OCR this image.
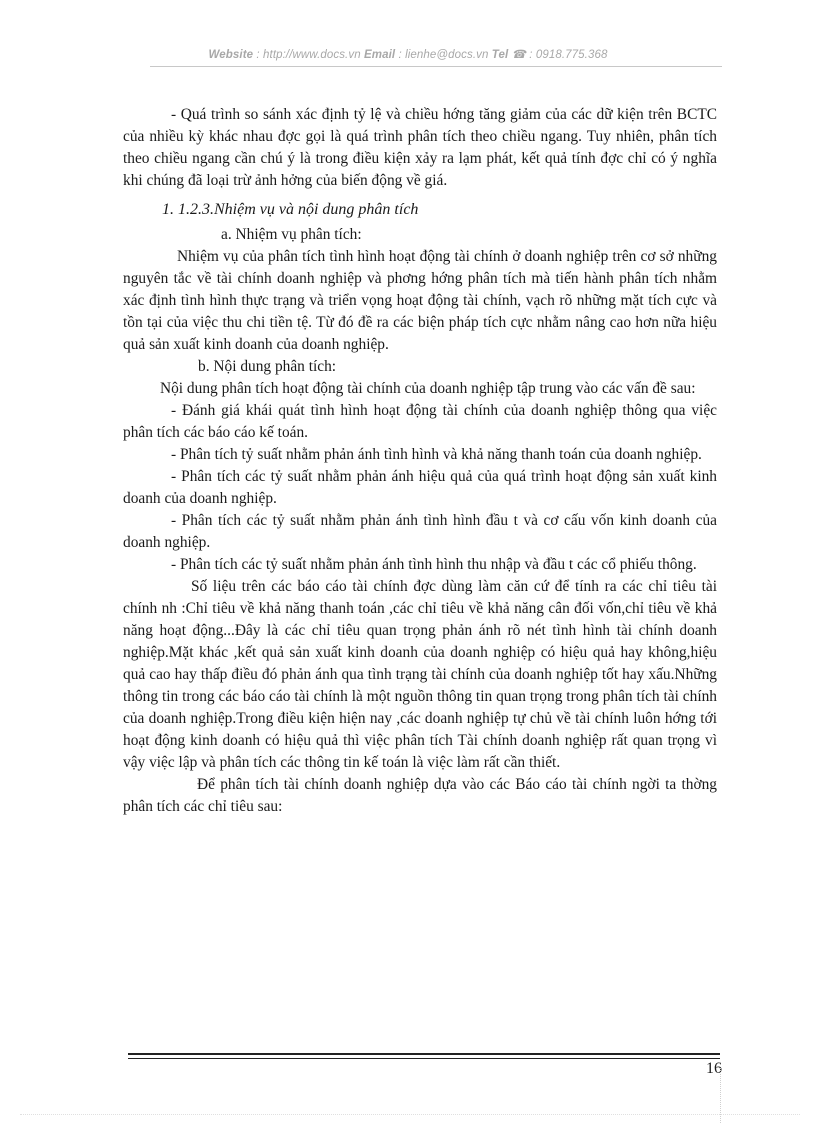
Website : http://www.docs.vn Email : lienhe@docs.vn Tel ☎ : 0918.775.368

- Quá trình so sánh xác định tỷ lệ và chiều hớng tăng giảm của các dữ kiện trên BCTC của nhiều kỳ khác nhau đợc gọi là quá trình phân tích theo chiều ngang. Tuy nhiên, phân tích theo chiều ngang cần chú ý là trong điều kiện xảy ra lạm phát, kết quả tính đợc chỉ có ý nghĩa khi chúng đã loại trừ ảnh hởng của biến động về giá.

1. 1.2.3.Nhiệm vụ và nội dung phân tích

a. Nhiệm vụ phân tích:

Nhiệm vụ của phân tích tình hình hoạt động tài chính ở doanh nghiệp trên cơ sở những nguyên tắc về tài chính doanh nghiệp và phơng hớng phân tích mà tiến hành phân tích nhằm xác định tình hình thực trạng và triển vọng hoạt động tài chính, vạch rõ những mặt tích cực và tồn tại của việc thu chi tiền tệ. Từ đó đề ra các biện pháp tích cực nhằm nâng cao hơn nữa hiệu quả sản xuất kinh doanh của doanh nghiệp.

b. Nội dung phân tích:

Nội dung phân tích hoạt động tài chính của doanh nghiệp tập trung vào các vấn đề sau:

- Đánh giá khái quát tình hình hoạt động tài chính của doanh nghiệp thông qua việc phân tích các báo cáo kế toán.

- Phân tích tỷ suất nhằm phản ánh tình hình và khả năng thanh toán của doanh nghiệp.

- Phân tích các tỷ suất nhằm phản ánh hiệu quả của quá trình hoạt động sản xuất kinh doanh của doanh nghiệp.

- Phân tích các tỷ suất nhằm phản ánh tình hình đầu t và cơ cấu vốn kinh doanh của doanh nghiệp.

- Phân tích các tỷ suất nhằm phản ánh tình hình thu nhập và đầu t các cổ phiếu thông.

Số liệu trên các báo cáo tài chính đợc dùng làm căn cứ để tính ra các chỉ tiêu tài chính nh :Chỉ tiêu về khả năng thanh toán ,các chỉ tiêu về khả năng cân đối vốn,chỉ tiêu về khả năng hoạt động...Đây là các chỉ tiêu quan trọng phản ánh rõ nét tình hình tài chính doanh nghiệp.Mặt khác ,kết quả sản xuất kinh doanh của doanh nghiệp có hiệu quả hay không,hiệu quả cao hay thấp điều đó phản ánh qua tình trạng tài chính của doanh nghiệp tốt hay xấu.Những thông tin trong các báo cáo tài chính là một nguồn thông tin quan trọng trong phân tích tài chính của doanh nghiệp.Trong điều kiện hiện nay ,các doanh nghiệp tự chủ về tài chính luôn hớng tới hoạt động kinh doanh có hiệu quả thì việc phân tích Tài chính doanh nghiệp rất quan trọng vì vậy việc lập và phân tích các thông tin kế toán là việc làm rất cần thiết.

Để phân tích tài chính doanh nghiệp dựa vào các Báo cáo tài chính ngời ta thờng phân tích các chỉ tiêu sau:

16
